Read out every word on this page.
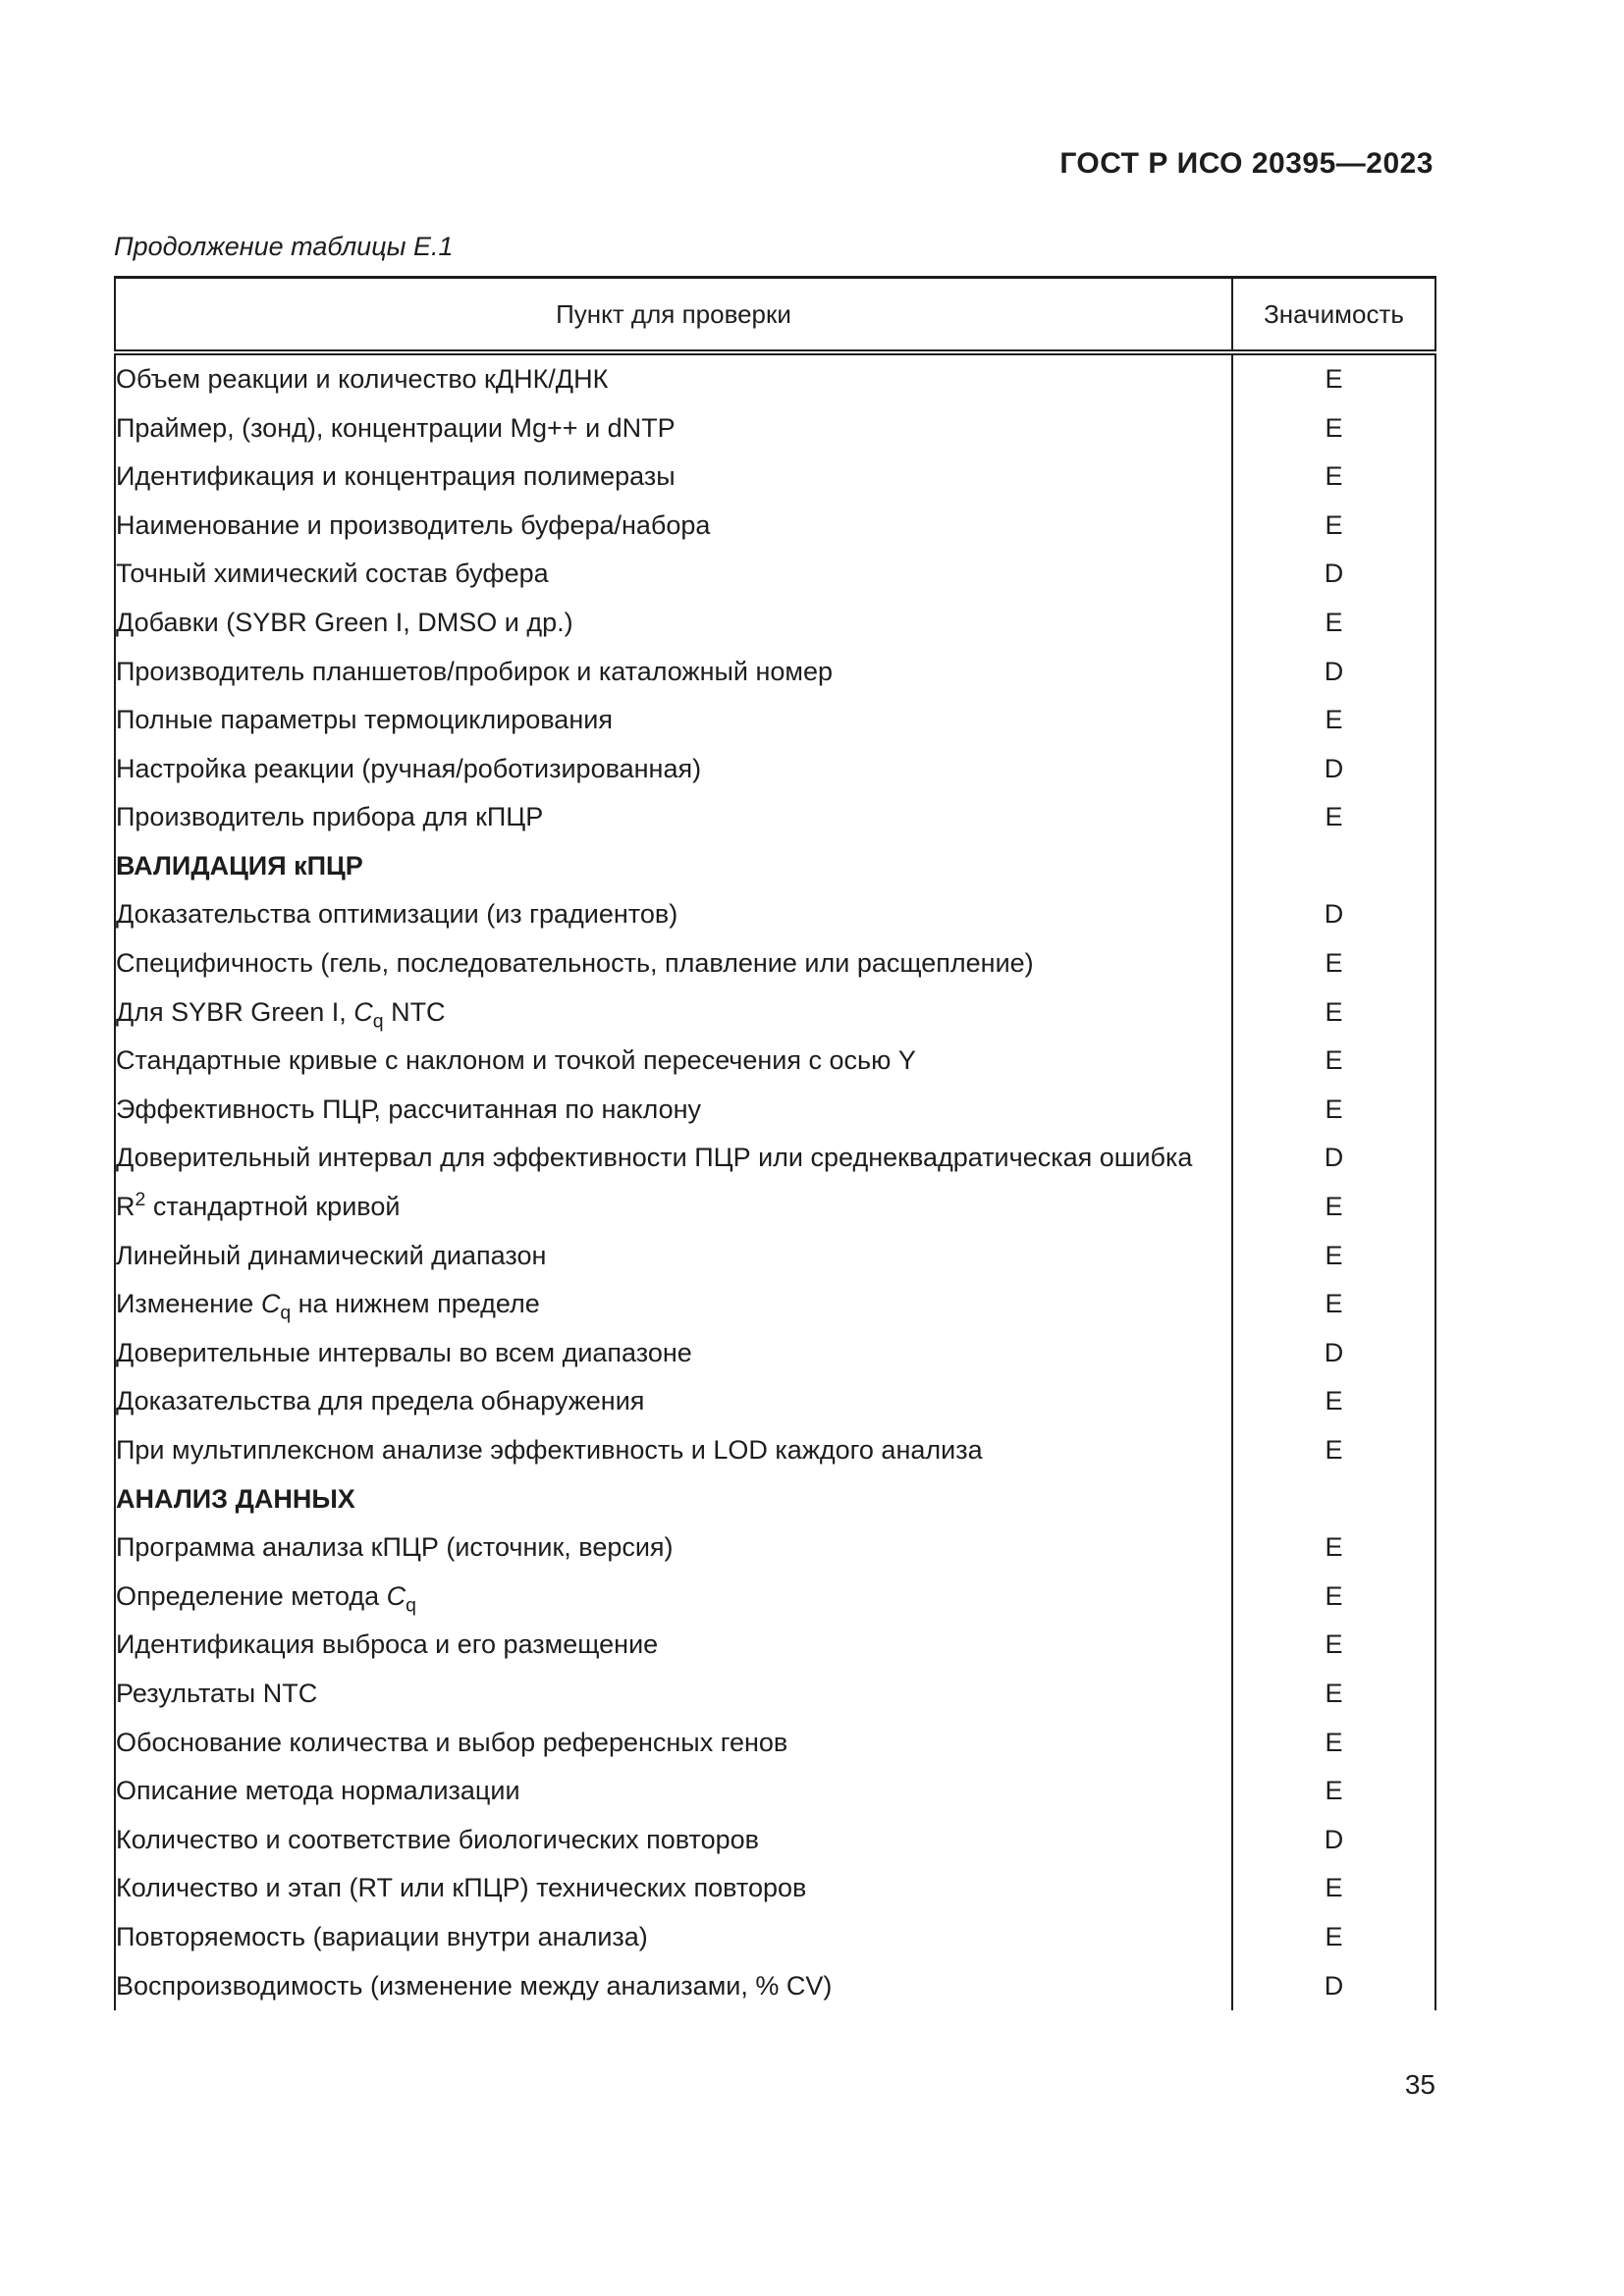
ГОСТ Р ИСО 20395—2023
Продолжение таблицы Е.1
Пункт для проверки	Значимость
Объем реакции и количество кДНК/ДНК	E
Праймер, (зонд), концентрации Mg++ и dNTP	E
Идентификация и концентрация полимеразы	E
Наименование и производитель буфера/набора	E
Точный химический состав буфера	D
Добавки (SYBR Green I, DMSO и др.)	E
Производитель планшетов/пробирок и каталожный номер	D
Полные параметры термоциклирования	E
Настройка реакции (ручная/роботизированная)	D
Производитель прибора для кПЦР	E
ВАЛИДАЦИЯ кПЦР	
Доказательства оптимизации (из градиентов)	D
Специфичность (гель, последовательность, плавление или расщепление)	E
Для SYBR Green I, $C_q$ NTC	E
Стандартные кривые с наклоном и точкой пересечения с осью Y	E
Эффективность ПЦР, рассчитанная по наклону	E
Доверительный интервал для эффективности ПЦР или среднеквадратическая ошибка	D
$R^2$ стандартной кривой	E
Линейный динамический диапазон	E
Изменение $C_q$ на нижнем пределе	E
Доверительные интервалы во всем диапазоне	D
Доказательства для предела обнаружения	E
При мультиплексном анализе эффективность и LOD каждого анализа	E
АНАЛИЗ ДАННЫХ	
Программа анализа кПЦР (источник, версия)	E
Определение метода $C_q$	E
Идентификация выброса и его размещение	E
Результаты NTC	E
Обоснование количества и выбор референсных генов	E
Описание метода нормализации	E
Количество и соответствие биологических повторов	D
Количество и этап (RT или кПЦР) технических повторов	E
Повторяемость (вариации внутри анализа)	E
Воспроизводимость (изменение между анализами, % CV)	D
35
